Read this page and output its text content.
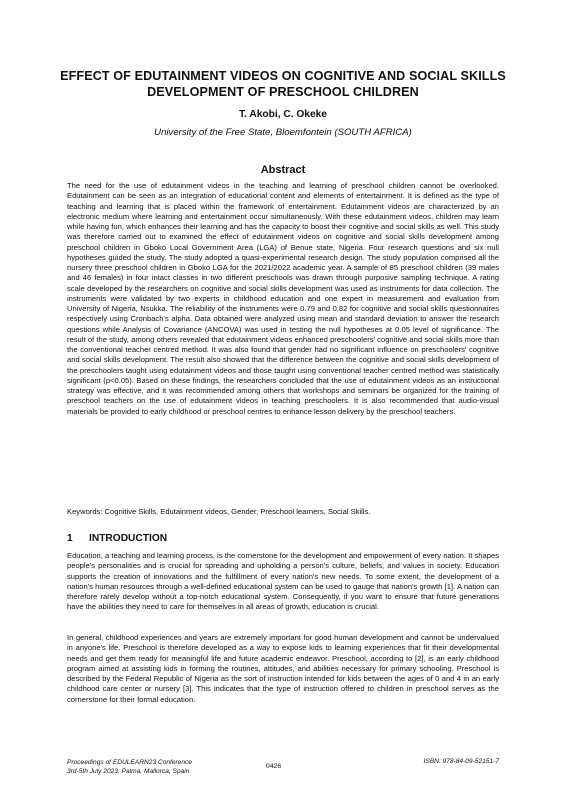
EFFECT OF EDUTAINMENT VIDEOS ON COGNITIVE AND SOCIAL SKILLS DEVELOPMENT OF PRESCHOOL CHILDREN
T. Akobi, C. Okeke
University of the Free State, Bloemfontein (SOUTH AFRICA)
Abstract

The need for the use of edutainment videos in the teaching and learning of preschool children cannot be overlooked. Edutainment can be seen as an integration of educational content and elements of entertainment. It is defined as the type of teaching and learning that is placed within the framework of entertainment. Edutainment videos are characterized by an electronic medium where learning and entertainment occur simultaneously. With these edutainment videos, children may learn while having fun, which enhances their learning and has the capacity to boost their cognitive and social skills as well. This study was therefore carried out to examined the effect of edutainment videos on cognitive and social skills development among preschool children in Gboko Local Government Area (LGA) of Benue state, Nigeria. Four research questions and six null hypotheses guided the study. The study adopted a quasi-experimental research design. The study population comprised all the nursery three preschool children in Gboko LGA for the 2021/2022 academic year. A sample of 85 preschool children (39 males and 46 females) in four intact classes in two different preschools was drawn through purposive sampling technique. A rating scale developed by the researchers on cognitive and social skills development was used as instruments for data collection. The instruments were validated by two experts in childhood education and one expert in measurement and evaluation from University of Nigeria, Nsukka. The reliability of the instruments were 0.79 and 0.82 for cognitive and social skills questionnaires respectively using Cronbach’s alpha. Data obtained were analyzed using mean and standard deviation to answer the research questions while Analysis of Covariance (ANCOVA) was used in testing the null hypotheses at 0.05 level of significance. The result of the study, among others revealed that edutainment videos enhanced preschoolers’ cognitive and social skills more than the conventional teacher centred method. It was also found that gender had no significant influence on preschoolers' cognitive and social skills development. The result also showed that the difference between the cognitive and social skills development of the preschoolers taught using edutainment videos and those taught using conventional teacher centred method was statistically significant (p<0.05). Based on these findings, the researchers concluded that the use of edutainment videos as an instructional strategy was effective, and it was recommended among others that workshops and seminars be organized for the training of preschool teachers on the use of edutainment videos in teaching preschoolers. It is also recommended that audio-visual materials be provided to early childhood or preschool centres to enhance lesson delivery by the preschool teachers.

Keywords: Cognitive Skills, Edutainment videos, Gender, Preschool learners, Social Skills.

1 INTRODUCTION

Education, a teaching and learning process, is the cornerstone for the development and empowerment of every nation. It shapes people's personalities and is crucial for spreading and upholding a person's culture, beliefs, and values in society. Education supports the creation of innovations and the fulfillment of every nation's new needs. To some extent, the development of a nation's human resources through a well-defined educational system can be used to gauge that nation's growth [1]. A nation can therefore rarely develop without a top-notch educational system. Consequently, if you want to ensure that future generations have the abilities they need to care for themselves in all areas of growth, education is crucial.

In general, childhood experiences and years are extremely important for good human development and cannot be undervalued in anyone's life. Preschool is therefore developed as a way to expose kids to learning experiences that fit their developmental needs and get them ready for meaningful life and future academic endeavor. Preschool, according to [2], is an early childhood program aimed at assisting kids in forming the routines, attitudes, and abilities necessary for primary schooling. Preschool is described by the Federal Republic of Nigeria as the sort of instruction intended for kids between the ages of 0 and 4 in an early childhood care center or nursery [3]. This indicates that the type of instruction offered to children in preschool serves as the cornerstone for their formal education.

Proceedings of EDULEARN23 Conference
3rd-5th July 2023, Palma, Mallorca, Spain
0426
ISBN: 978-84-09-52151-7
